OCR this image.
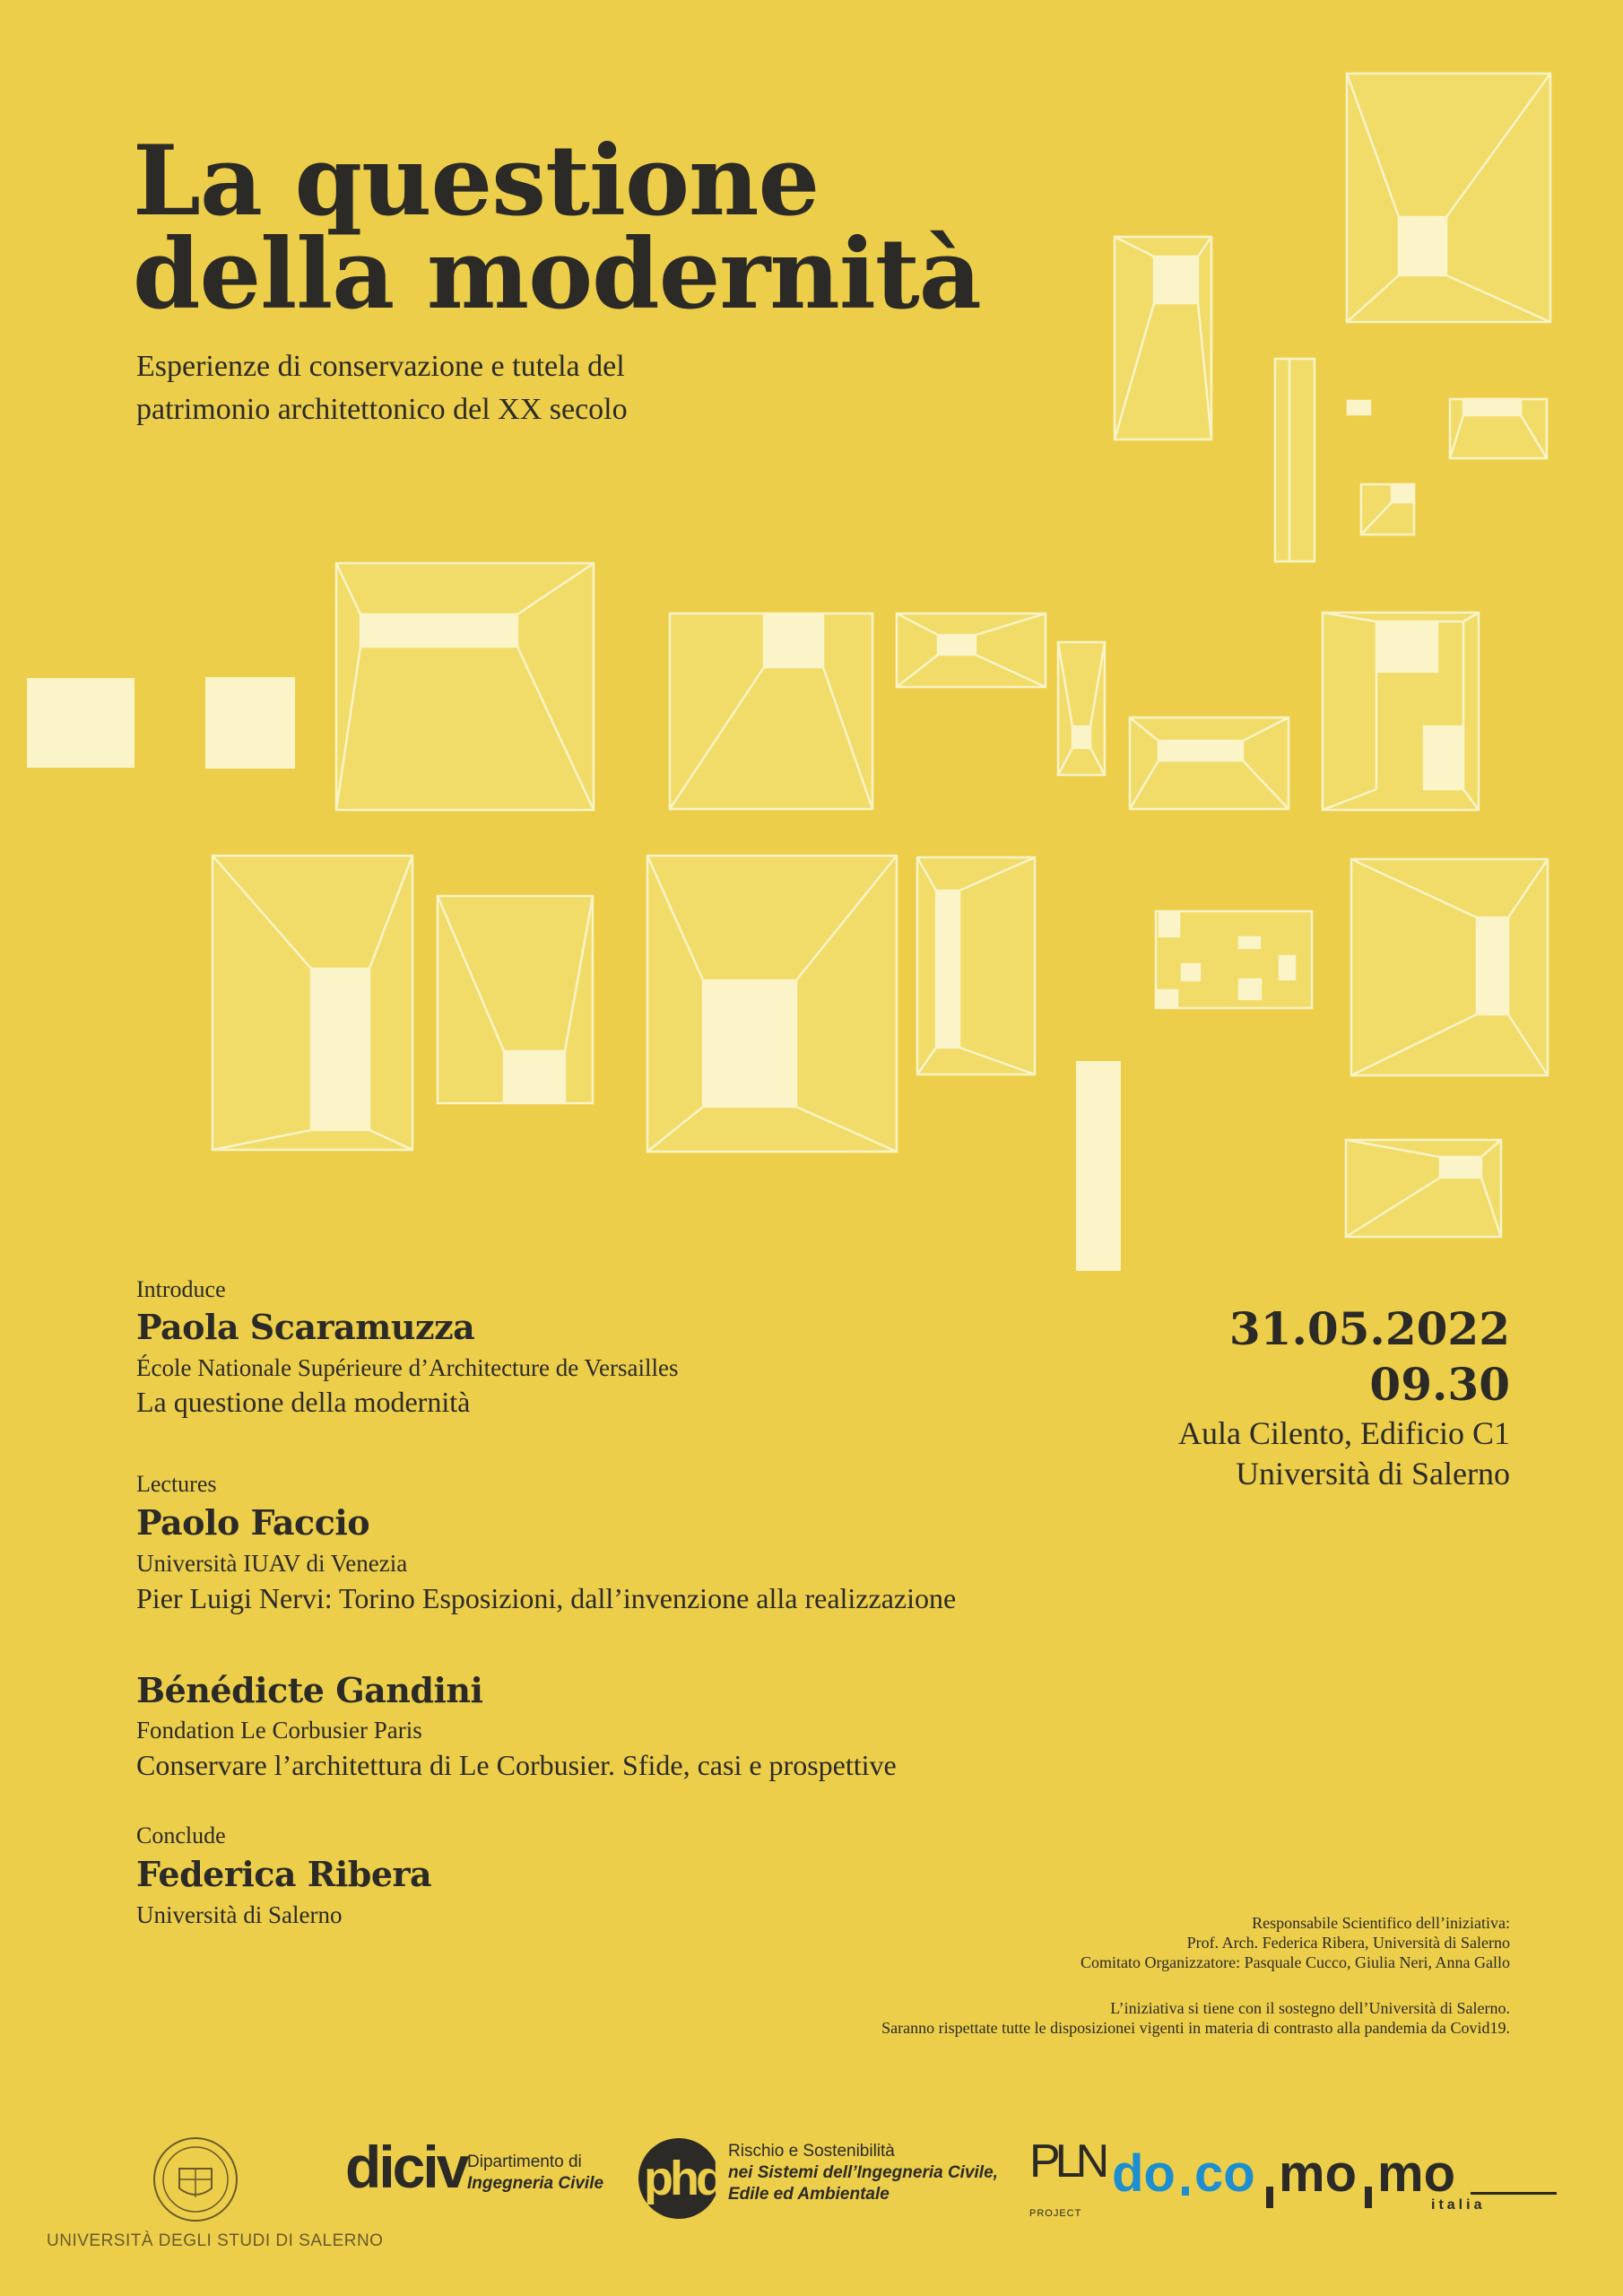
La questione
della modernità
Esperienze di conservazione e tutela del
patrimonio architettonico del XX secolo
Introduce
Paola Scaramuzza
École Nationale Supérieure d’Architecture de Versailles
La questione della modernità
Lectures
Paolo Faccio
Università IUAV di Venezia
Pier Luigi Nervi: Torino Esposizioni, dall’invenzione alla realizzazione
Bénédicte Gandini
Fondation Le Corbusier Paris
Conservare l’architettura di Le Corbusier. Sfide, casi e prospettive
Conclude
Federica Ribera
Università di Salerno
31.05.2022
09.30
Aula Cilento, Edificio C1
Università di Salerno
Responsabile Scientifico dell’iniziativa:
Prof. Arch. Federica Ribera, Università di Salerno
Comitato Organizzatore: Pasquale Cucco, Giulia Neri, Anna Gallo
L’iniziativa si tiene con il sostegno dell’Università di Salerno.
Saranno rispettate tutte le disposizionei vigenti in materia di contrasto alla pandemia da Covid19.
UNIVERSITÀ DEGLI STUDI DI SALERNO
diciv Dipartimento di
Ingegneria Civile phd
Rischio e Sostenibilità
nei Sistemi dell’Ingegneria Civile,
Edile ed Ambientale
PLN
PROJECT
do co mo mo
italia
